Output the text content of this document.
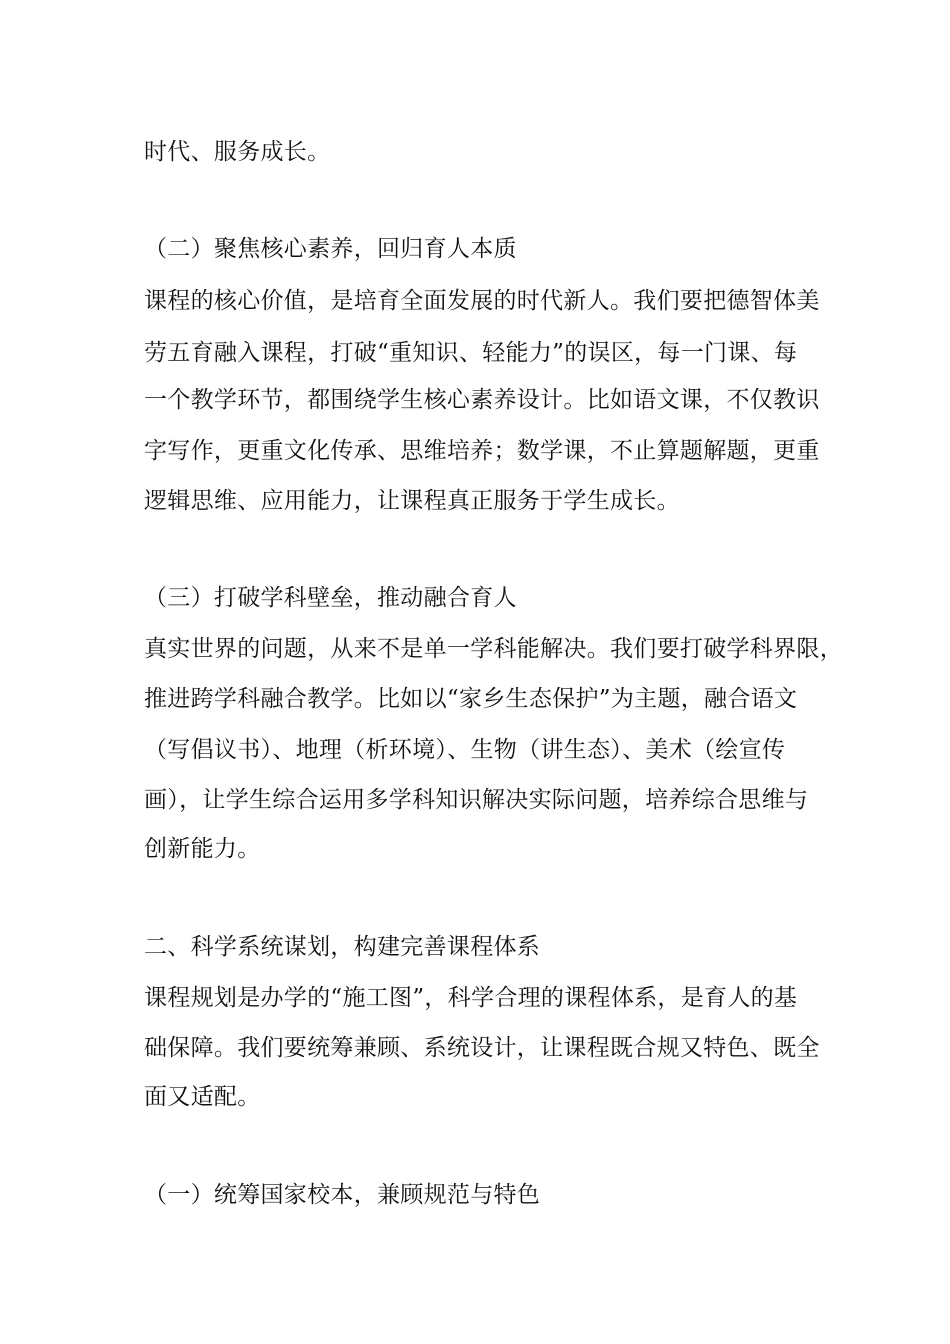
时代、服务成长。
（二）聚焦核心素养，回归育人本质
课程的核心价值，是培育全面发展的时代新人。我们要把德智体美
劳五育融入课程，打破“重知识、轻能力”的误区，每一门课、每
一个教学环节，都围绕学生核心素养设计。比如语文课，不仅教识
字写作，更重文化传承、思维培养；数学课，不止算题解题，更重
逻辑思维、应用能力，让课程真正服务于学生成长。
（三）打破学科壁垒，推动融合育人
真实世界的问题，从来不是单一学科能解决。我们要打破学科界限，
推进跨学科融合教学。比如以“家乡生态保护”为主题，融合语文
（写倡议书）、地理（析环境）、生物（讲生态）、美术（绘宣传
画），让学生综合运用多学科知识解决实际问题，培养综合思维与
创新能力。
二、科学系统谋划，构建完善课程体系
课程规划是办学的“施工图”，科学合理的课程体系，是育人的基
础保障。我们要统筹兼顾、系统设计，让课程既合规又特色、既全
面又适配。
（一）统筹国家校本，兼顾规范与特色
